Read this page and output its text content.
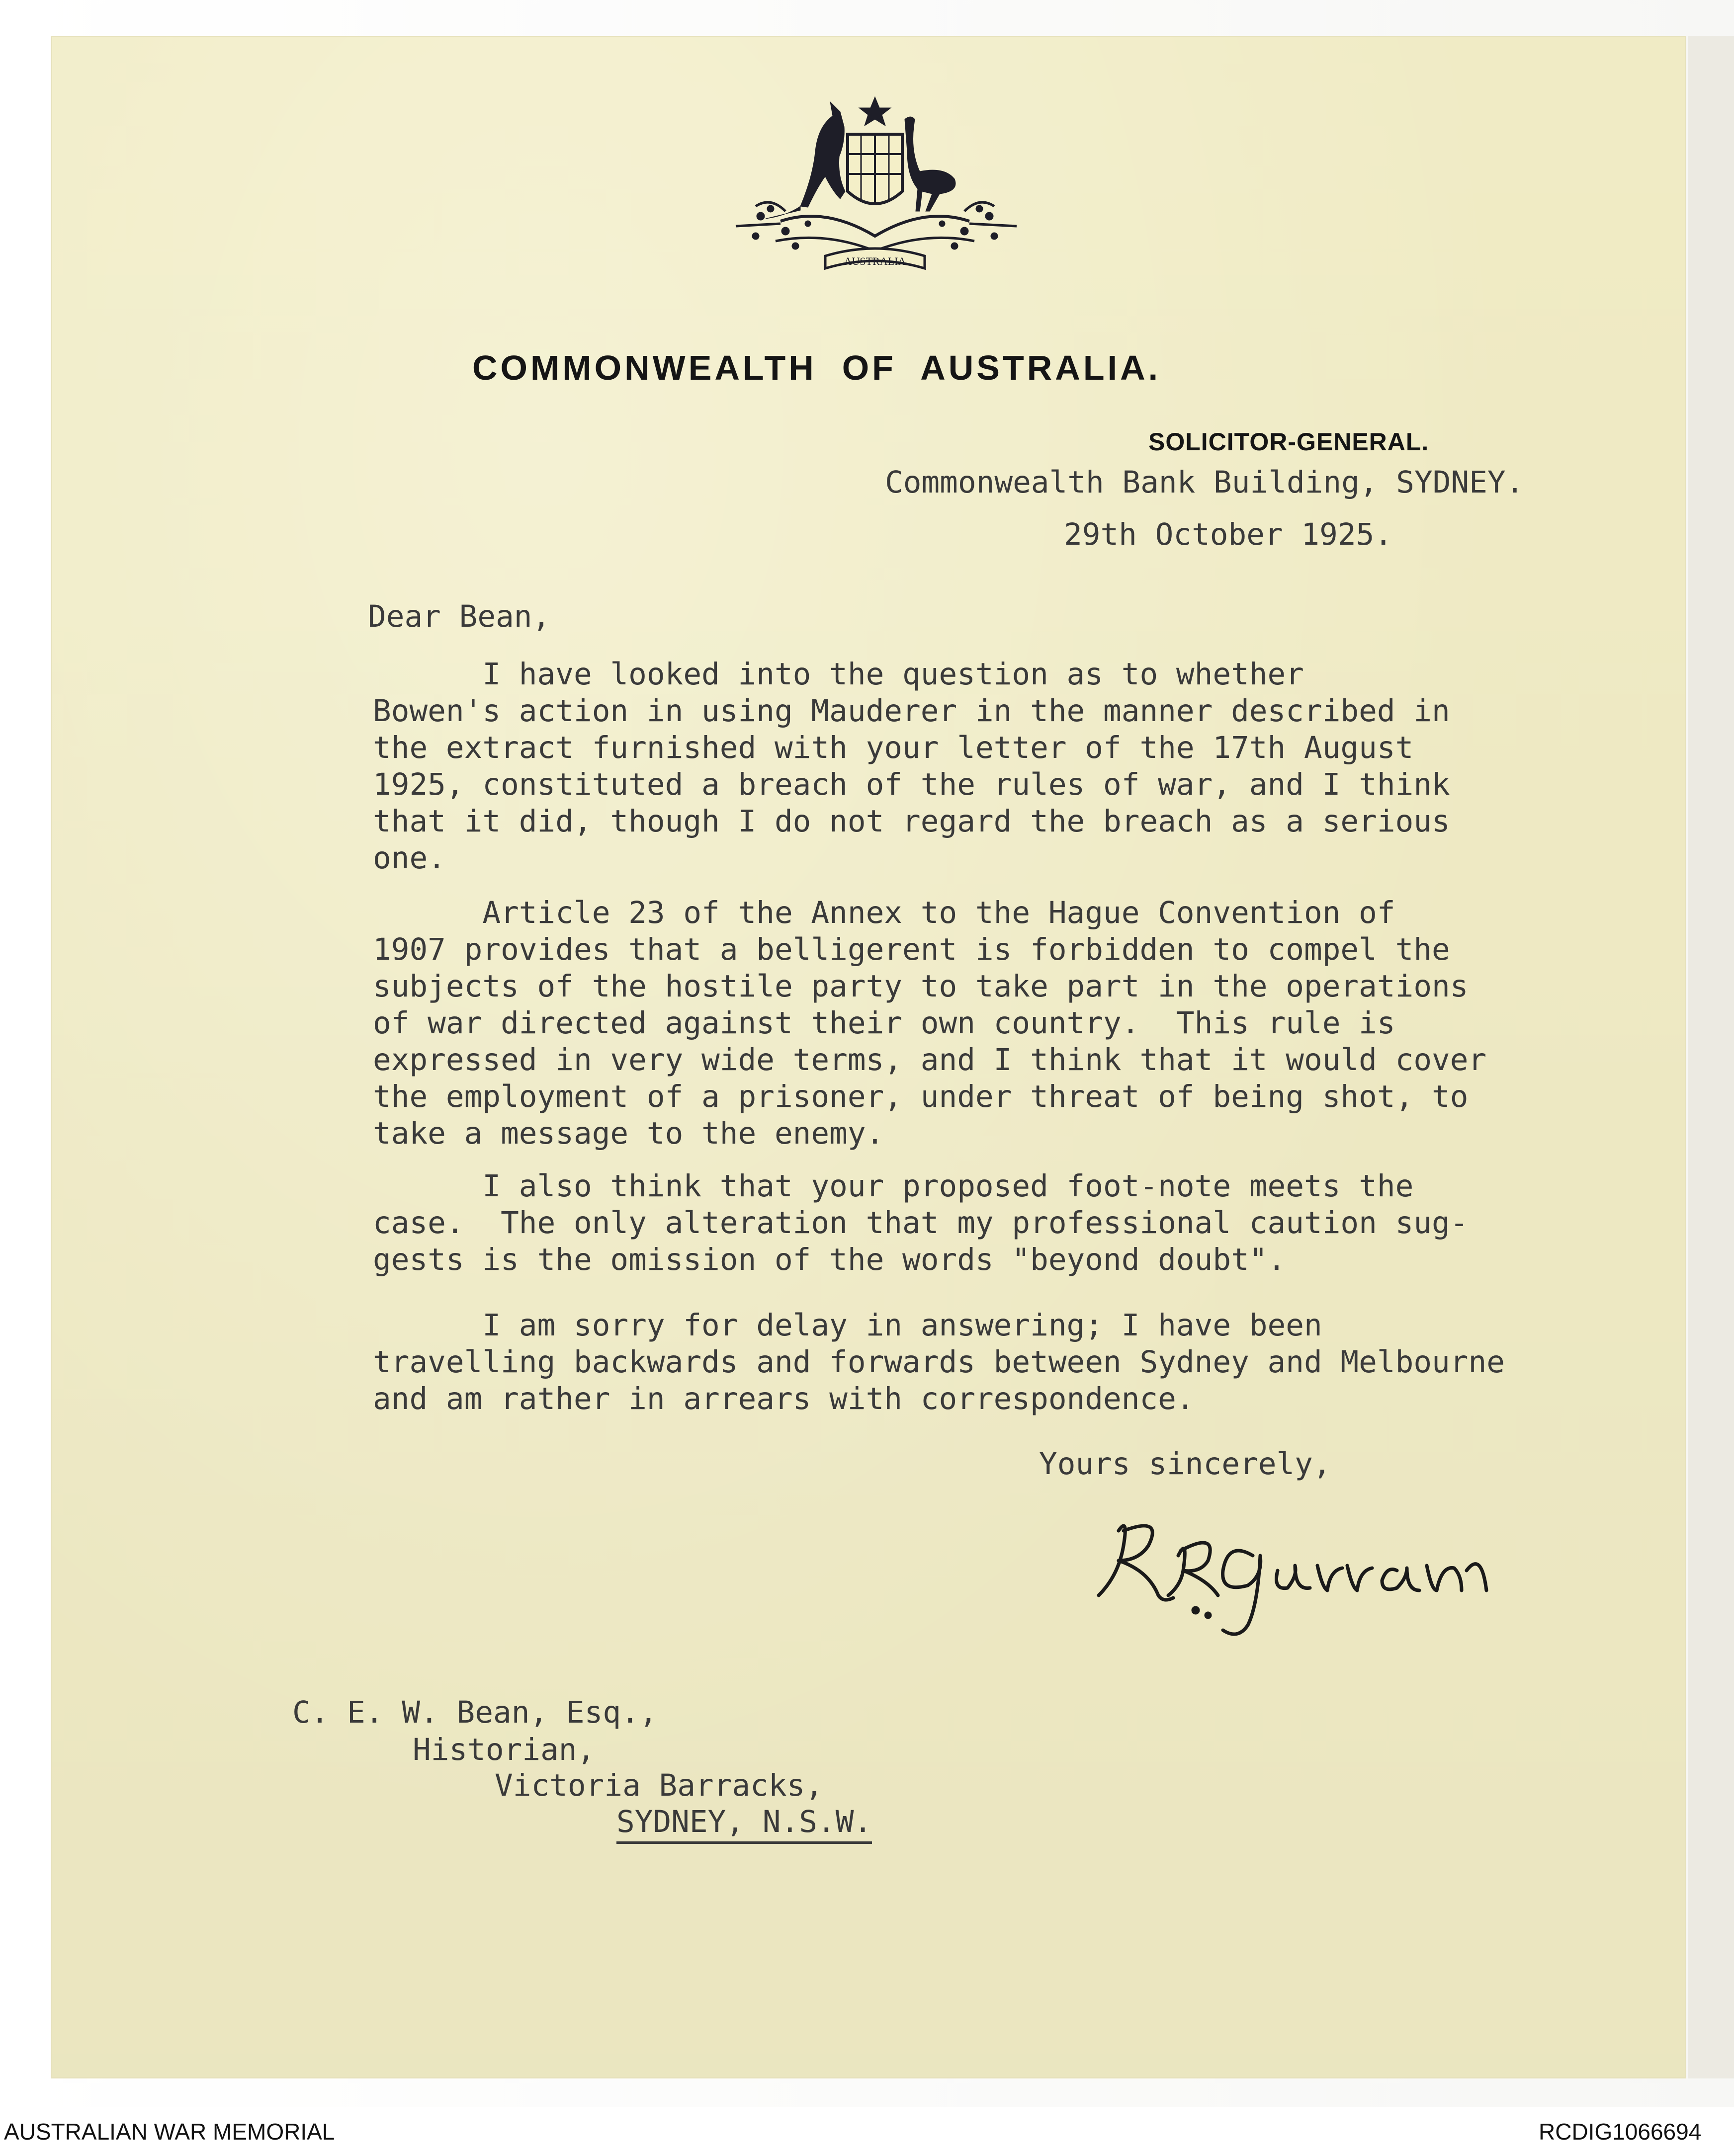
AUSTRALIA
COMMONWEALTH  OF  AUSTRALIA.
SOLICITOR-GENERAL.
Commonwealth Bank Building, SYDNEY.
29th October 1925.
Dear Bean,
I have looked into the question as to whether
Bowen's action in using Mauderer in the manner described in
the extract furnished with your letter of the 17th August
1925, constituted a breach of the rules of war, and I think
that it did, though I do not regard the breach as a serious
one.
Article 23 of the Annex to the Hague Convention of
1907 provides that a belligerent is forbidden to compel the
subjects of the hostile party to take part in the operations
of war directed against their own country.  This rule is
expressed in very wide terms, and I think that it would cover
the employment of a prisoner, under threat of being shot, to
take a message to the enemy.
I also think that your proposed foot-note meets the
case.  The only alteration that my professional caution sug-
gests is the omission of the words "beyond doubt".
I am sorry for delay in answering; I have been
travelling backwards and forwards between Sydney and Melbourne
and am rather in arrears with correspondence.
Yours sincerely,
C. E. W. Bean, Esq.,
Historian,
Victoria Barracks,
SYDNEY, N.S.W.
AUSTRALIAN WAR MEMORIAL	RCDIG1066694
